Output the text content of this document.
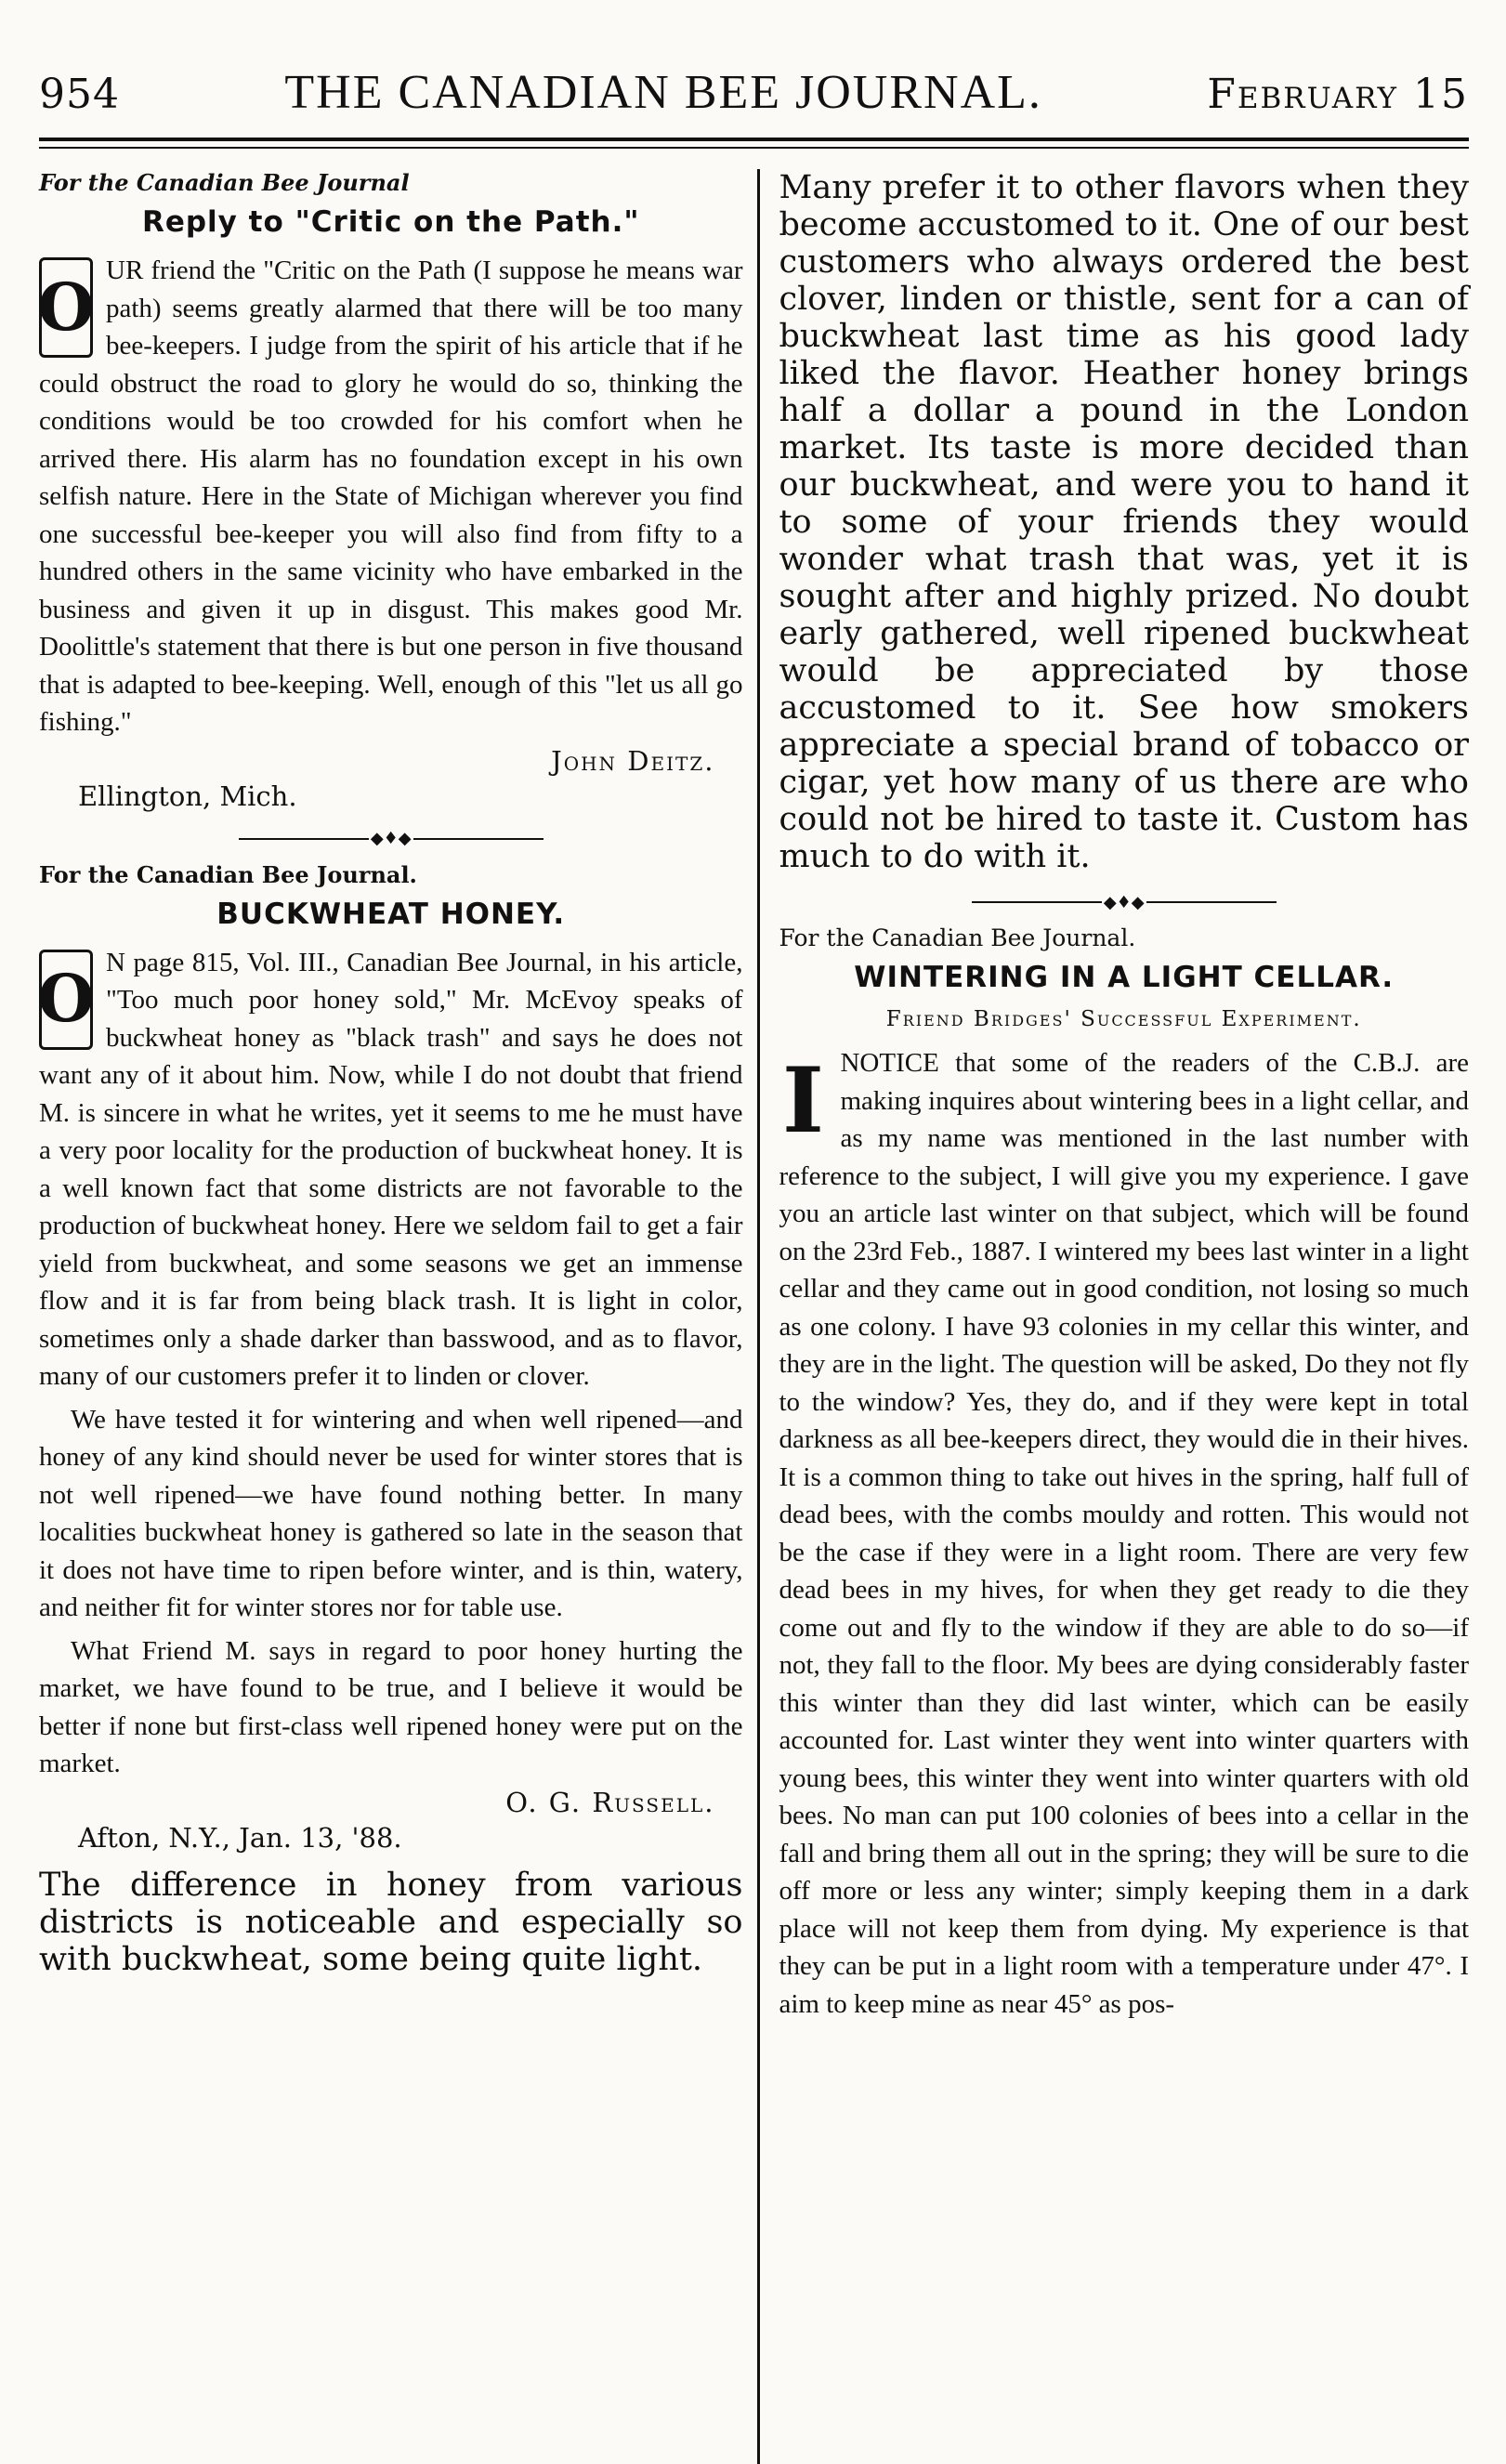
954	THE CANADIAN BEE JOURNAL.	February 15
For the Canadian Bee Journal
Reply to "Critic on the Path."
O UR friend the "Critic on the Path (I suppose he means war path) seems greatly alarmed that there will be too many bee-keepers. I judge from the spirit of his article that if he could obstruct the road to glory he would do so, thinking the conditions would be too crowded for his comfort when he arrived there. His alarm has no foundation except in his own selfish nature. Here in the State of Michigan wherever you find one successful bee-keeper you will also find from fifty to a hundred others in the same vicinity who have embarked in the business and given it up in disgust. This makes good Mr. Doolittle's statement that there is but one person in five thousand that is adapted to bee-keeping. Well, enough of this "let us all go fishing."

John Deitz.
Ellington, Mich.
◆♦◆
For the Canadian Bee Journal.
BUCKWHEAT HONEY.
O N page 815, Vol. III., Canadian Bee Journal, in his article, "Too much poor honey sold," Mr. McEvoy speaks of buckwheat honey as "black trash" and says he does not want any of it about him. Now, while I do not doubt that friend M. is sincere in what he writes, yet it seems to me he must have a very poor locality for the production of buckwheat honey. It is a well known fact that some districts are not favorable to the production of buckwheat honey. Here we seldom fail to get a fair yield from buckwheat, and some seasons we get an immense flow and it is far from being black trash. It is light in color, sometimes only a shade darker than basswood, and as to flavor, many of our customers prefer it to linden or clover.

We have tested it for wintering and when well ripened—and honey of any kind should never be used for winter stores that is not well ripened—we have found nothing better. In many localities buckwheat honey is gathered so late in the season that it does not have time to ripen before winter, and is thin, watery, and neither fit for winter stores nor for table use.

What Friend M. says in regard to poor honey hurting the market, we have found to be true, and I believe it would be better if none but first-class well ripened honey were put on the market.

O. G. Russell.
Afton, N.Y., Jan. 13, '88.

The difference in honey from various districts is noticeable and especially so with buckwheat, some being quite light.

Many prefer it to other flavors when they become accustomed to it. One of our best customers who always ordered the best clover, linden or thistle, sent for a can of buckwheat last time as his good lady liked the flavor. Heather honey brings half a dollar a pound in the London market. Its taste is more decided than our buckwheat, and were you to hand it to some of your friends they would wonder what trash that was, yet it is sought after and highly prized. No doubt early gathered, well ripened buckwheat would be appreciated by those accustomed to it. See how smokers appreciate a special brand of tobacco or cigar, yet how many of us there are who could not be hired to taste it. Custom has much to do with it.

◆♦◆
For the Canadian Bee Journal.
WINTERING IN A LIGHT CELLAR.
Friend Bridges' Successful Experiment.
I NOTICE that some of the readers of the C.B.J. are making inquires about wintering bees in a light cellar, and as my name was mentioned in the last number with reference to the subject, I will give you my experience. I gave you an article last winter on that subject, which will be found on the 23rd Feb., 1887. I wintered my bees last winter in a light cellar and they came out in good condition, not losing so much as one colony. I have 93 colonies in my cellar this winter, and they are in the light. The question will be asked, Do they not fly to the window? Yes, they do, and if they were kept in total darkness as all bee-keepers direct, they would die in their hives. It is a common thing to take out hives in the spring, half full of dead bees, with the combs mouldy and rotten. This would not be the case if they were in a light room. There are very few dead bees in my hives, for when they get ready to die they come out and fly to the window if they are able to do so—if not, they fall to the floor. My bees are dying considerably faster this winter than they did last winter, which can be easily accounted for. Last winter they went into winter quarters with young bees, this winter they went into winter quarters with old bees. No man can put 100 colonies of bees into a cellar in the fall and bring them all out in the spring; they will be sure to die off more or less any winter; simply keeping them in a dark place will not keep them from dying. My experience is that they can be put in a light room with a temperature under 47°. I aim to keep mine as near 45° as pos-
